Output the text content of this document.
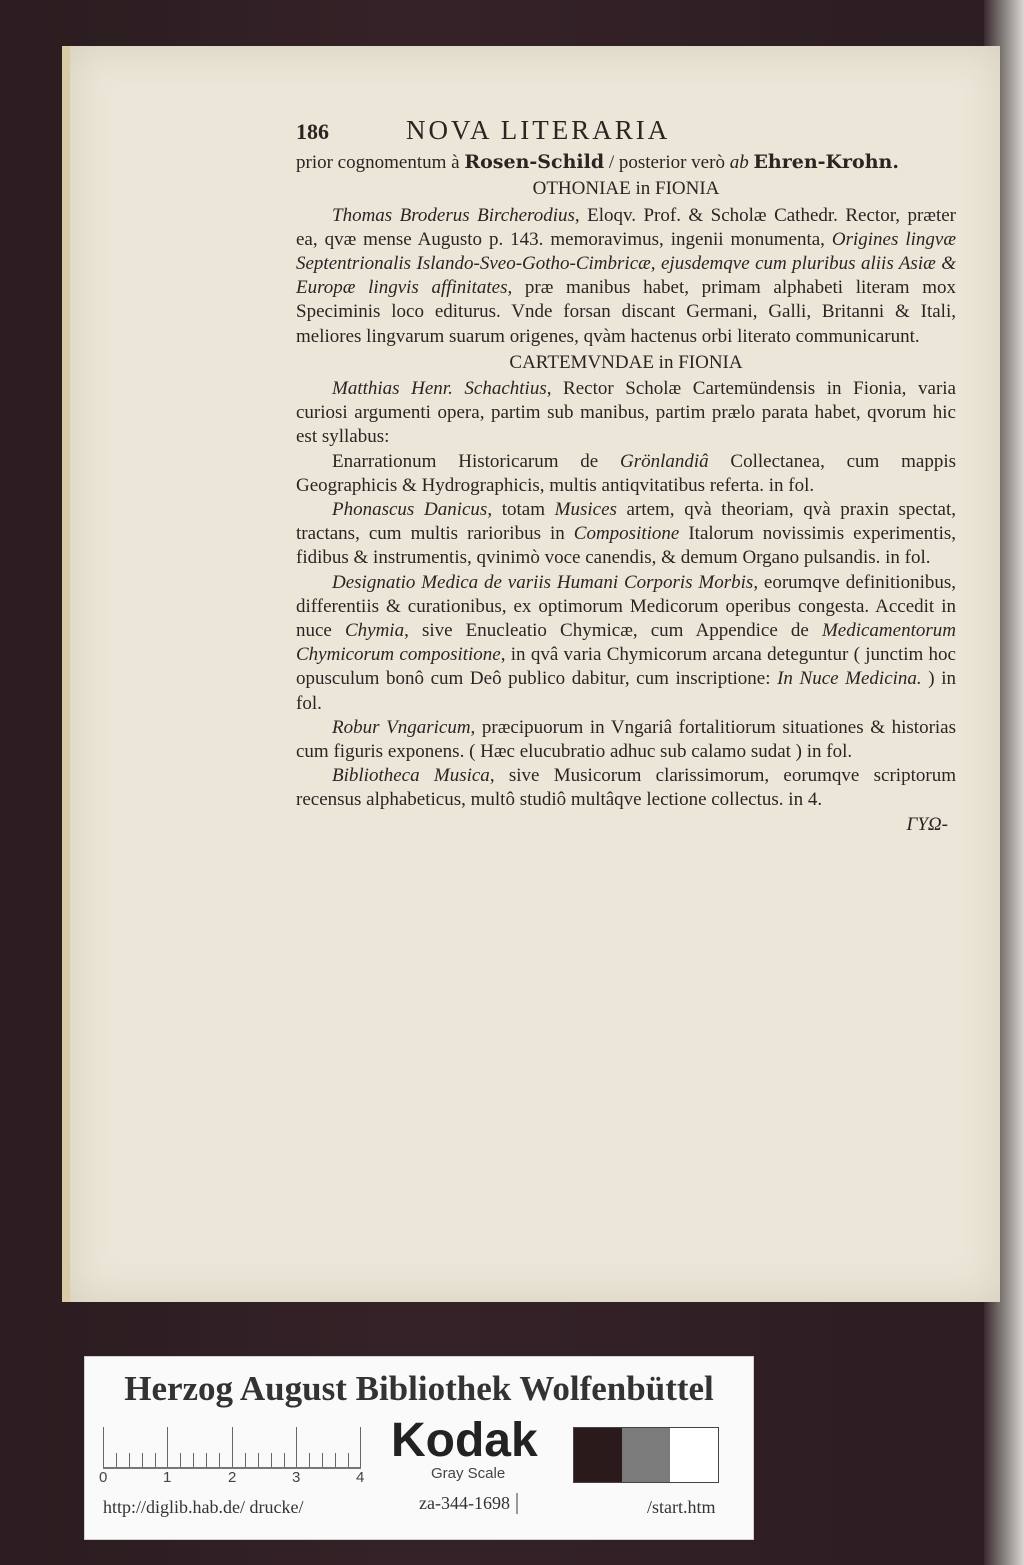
186	NOVA LITERARIA

prior cognomentum à Rosen-Schild / posterior verò ab Ehren-Krohn.

OTHONIAE in FIONIA

Thomas Broderus Bircherodius, Eloqv. Prof. & Scholæ Cathedr. Rector, præter ea, qvæ mense Augusto p. 143. memoravimus, ingenii monumenta, Origines lingvæ Septentrionalis Islando-Sveo-Gotho-Cimbricæ, ejusdemqve cum pluribus aliis Asiæ & Europæ lingvis affinitates, præ manibus habet, primam alphabeti literam mox Speciminis loco editurus. Vnde forsan discant Germani, Galli, Britanni & Itali, meliores lingvarum suarum origenes, qvàm hactenus orbi literato communicarunt.

CARTEMVNDAE in FIONIA

Matthias Henr. Schachtius, Rector Scholæ Cartemündensis in Fionia, varia curiosi argumenti opera, partim sub manibus, partim prælo parata habet, qvorum hic est syllabus:

Enarrationum Historicarum de Grönlandiâ Collectanea, cum mappis Geographicis & Hydrographicis, multis antiqvitatibus referta. in fol.

Phonascus Danicus, totam Musices artem, qvà theoriam, qvà praxin spectat, tractans, cum multis rarioribus in Compositione Italorum novissimis experimentis, fidibus & instrumentis, qvinimò voce canendis, & demum Organo pulsandis. in fol.

Designatio Medica de variis Humani Corporis Morbis, eorumqve definitionibus, differentiis & curationibus, ex optimorum Medicorum operibus congesta. Accedit in nuce Chymia, sive Enucleatio Chymicæ, cum Appendice de Medicamentorum Chymicorum compositione, in qvâ varia Chymicorum arcana deteguntur ( junctim hoc opusculum bonô cum Deô publico dabitur, cum inscriptione: In Nuce Medicina. ) in fol.

Robur Vngaricum, præcipuorum in Vngariâ fortalitiorum situationes & historias cum figuris exponens. ( Hæc elucubratio adhuc sub calamo sudat ) in fol.

Bibliotheca Musica, sive Musicorum clarissimorum, eorumqve scriptorum recensus alphabeticus, multô studiô multâqve lectione collectus. in 4.

ΓΥΩ-

Herzog August Bibliothek Wolfenbüttel
0	1	2	3	4
Kodak
Gray Scale
http://diglib.hab.de/ drucke/	za-344-1698	/start.htm
